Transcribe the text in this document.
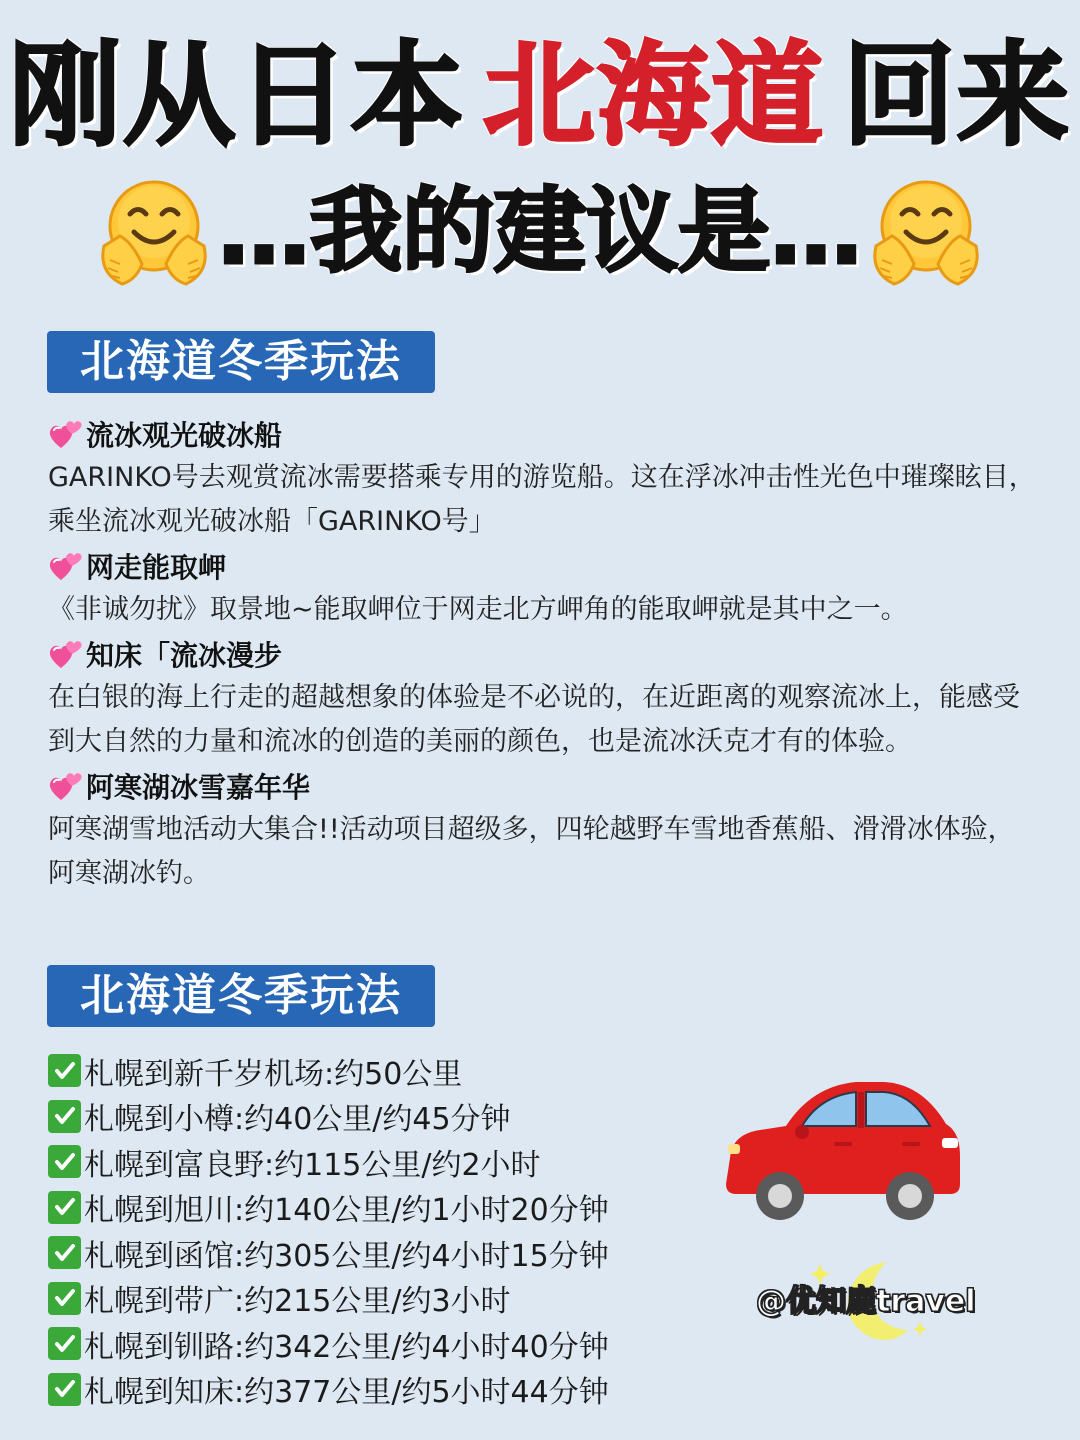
刚从日本 北海道 回来
…我的建议是…
北海道冬季玩法
流冰观光破冰船
GARINKO号去观赏流冰需要搭乘专用的游览船。这在浮冰冲击性光色中璀璨眩目，乘坐流冰观光破冰船「GARINKO号」
网走能取岬
《非诚勿扰》取景地~能取岬位于网走北方岬角的能取岬就是其中之一。
知床「流冰漫步
在白银的海上行走的超越想象的体验是不必说的，在近距离的观察流冰上，能感受到大自然的力量和流冰的创造的美丽的颜色，也是流冰沃克才有的体验。
阿寒湖冰雪嘉年华
阿寒湖雪地活动大集合!!活动项目超级多，四轮越野车雪地香蕉船、滑滑冰体验，阿寒湖冰钓。
北海道冬季玩法
札幌到新千岁机场:约50公里
札幌到小樽:约40公里/约45分钟
札幌到富良野:约115公里/约2小时
札幌到旭川:约140公里/约1小时20分钟
札幌到函馆:约305公里/约4小时15分钟
札幌到带广:约215公里/约3小时
札幌到钏路:约342公里/约4小时40分钟
札幌到知床:约377公里/约5小时44分钟
@优知鹿travel
